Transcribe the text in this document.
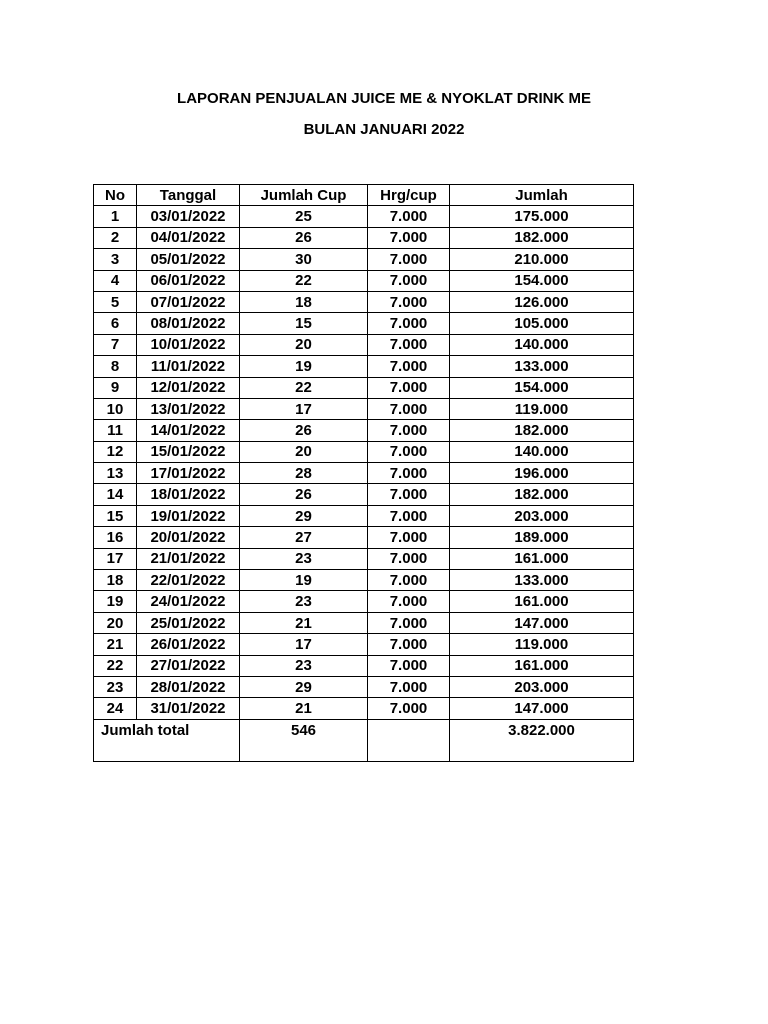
LAPORAN PENJUALAN JUICE ME & NYOKLAT DRINK ME
BULAN JANUARI 2022
No	Tanggal	Jumlah Cup	Hrg/cup	Jumlah
1	03/01/2022	25	7.000	175.000
2	04/01/2022	26	7.000	182.000
3	05/01/2022	30	7.000	210.000
4	06/01/2022	22	7.000	154.000
5	07/01/2022	18	7.000	126.000
6	08/01/2022	15	7.000	105.000
7	10/01/2022	20	7.000	140.000
8	11/01/2022	19	7.000	133.000
9	12/01/2022	22	7.000	154.000
10	13/01/2022	17	7.000	119.000
11	14/01/2022	26	7.000	182.000
12	15/01/2022	20	7.000	140.000
13	17/01/2022	28	7.000	196.000
14	18/01/2022	26	7.000	182.000
15	19/01/2022	29	7.000	203.000
16	20/01/2022	27	7.000	189.000
17	21/01/2022	23	7.000	161.000
18	22/01/2022	19	7.000	133.000
19	24/01/2022	23	7.000	161.000
20	25/01/2022	21	7.000	147.000
21	26/01/2022	17	7.000	119.000
22	27/01/2022	23	7.000	161.000
23	28/01/2022	29	7.000	203.000
24	31/01/2022	21	7.000	147.000
Jumlah total		546		3.822.000
